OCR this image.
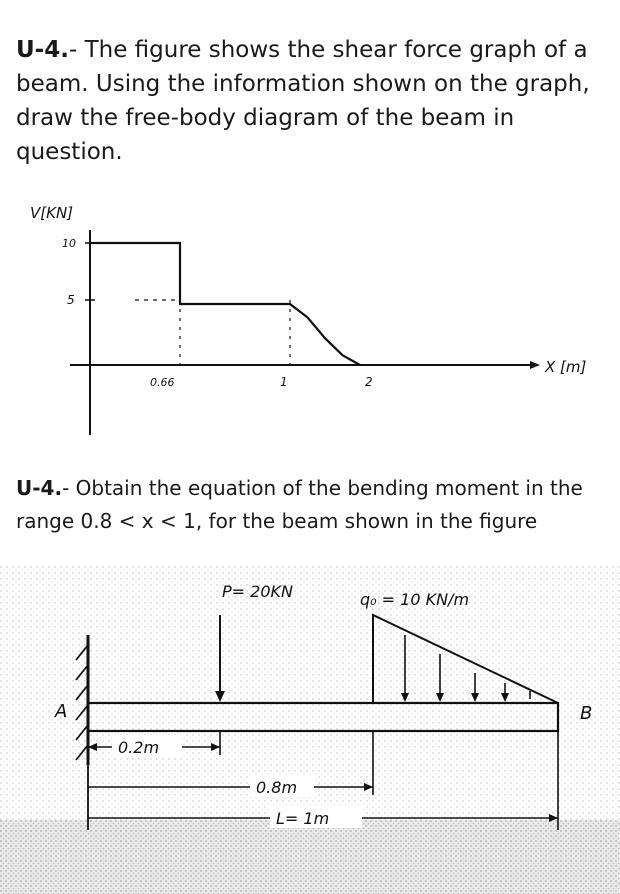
U-4.- The figure shows the shear force graph of a beam. Using the information shown on the graph, draw the free-body diagram of the beam in question.

V[KN]
X [m]
10
5
0.66	1	2

U-4.- Obtain the equation of the bending moment in the range 0.8 < x < 1, for the beam shown in the figure

P= 20KN	q₀ = 10 KN/m
A	B
0.2m
0.8m
L= 1m
